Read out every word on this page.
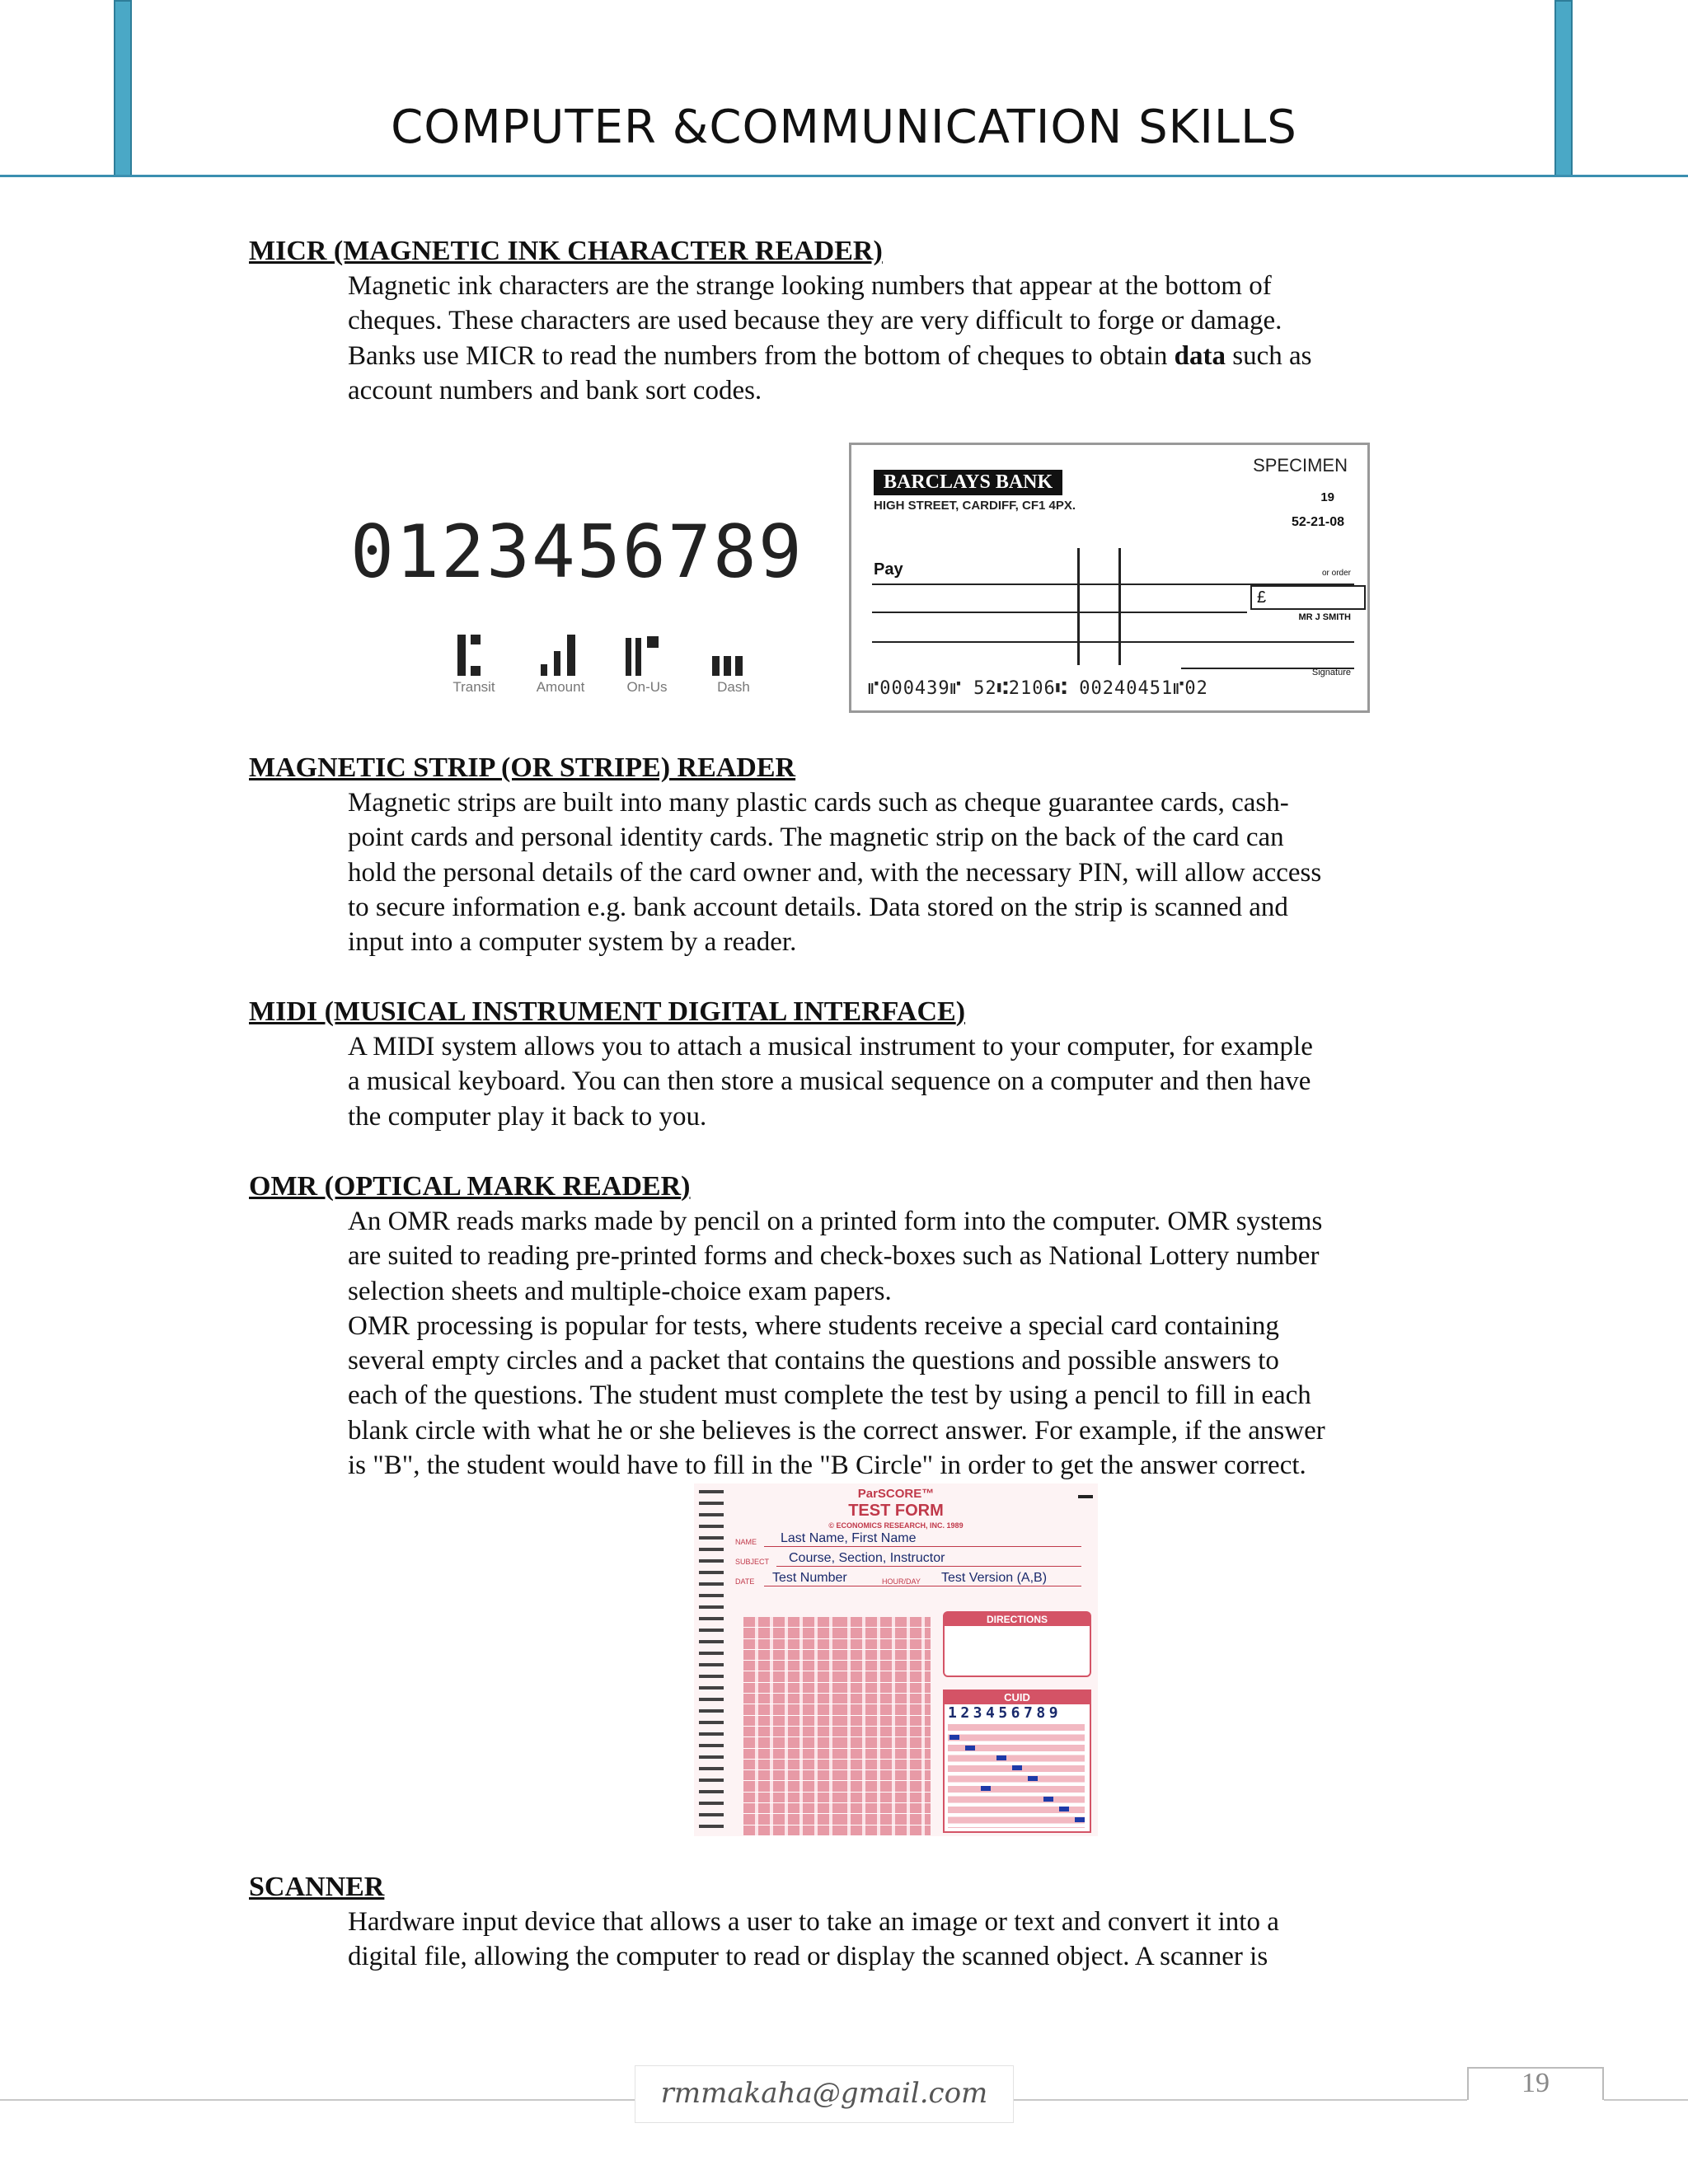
COMPUTER &COMMUNICATION SKILLS
MICR (MAGNETIC INK CHARACTER READER)
Magnetic ink characters are the strange looking numbers that appear at the bottom of
cheques. These characters are used because they are very difficult to forge or damage.
Banks use MICR to read the numbers from the bottom of cheques to obtain data such as
account numbers and bank sort codes.
0123456789
Transit	Amount	On-Us	Dash
BARCLAYS BANK
HIGH STREET, CARDIFF, CF1 4PX.
SPECIMEN
19
52-21-08
Pay	or order
£
MR J SMITH
Signature
⑈000439⑈ 52⑆2106⑆ 00240451⑈02
MAGNETIC STRIP (OR STRIPE) READER
Magnetic strips are built into many plastic cards such as cheque guarantee cards, cash-
point cards and personal identity cards. The magnetic strip on the back of the card can
hold the personal details of the card owner and, with the necessary PIN, will allow access
to secure information e.g. bank account details. Data stored on the strip is scanned and
input into a computer system by a reader.
MIDI (MUSICAL INSTRUMENT DIGITAL INTERFACE)
A MIDI system allows you to attach a musical instrument to your computer, for example
a musical keyboard. You can then store a musical sequence on a computer and then have
the computer play it back to you.
OMR (OPTICAL MARK READER)
An OMR reads marks made by pencil on a printed form into the computer. OMR systems
are suited to reading pre-printed forms and check-boxes such as National Lottery number
selection sheets and multiple-choice exam papers.
OMR processing is popular for tests, where students receive a special card containing
several empty circles and a packet that contains the questions and possible answers to
each of the questions. The student must complete the test by using a pencil to fill in each
blank circle with what he or she believes is the correct answer. For example, if the answer
is "B", the student would have to fill in the "B Circle" in order to get the answer correct.
ParSCORE™
TEST FORM
© ECONOMICS RESEARCH, INC. 1989
NAME Last Name, First Name
SUBJECT Course, Section, Instructor
DATE Test Number	HOUR/DAY Test Version (A,B)
DIRECTIONS
CUID
123456789
SCANNER
Hardware input device that allows a user to take an image or text and convert it into a
digital file, allowing the computer to read or display the scanned object. A scanner is
rmmakaha@gmail.com	19
